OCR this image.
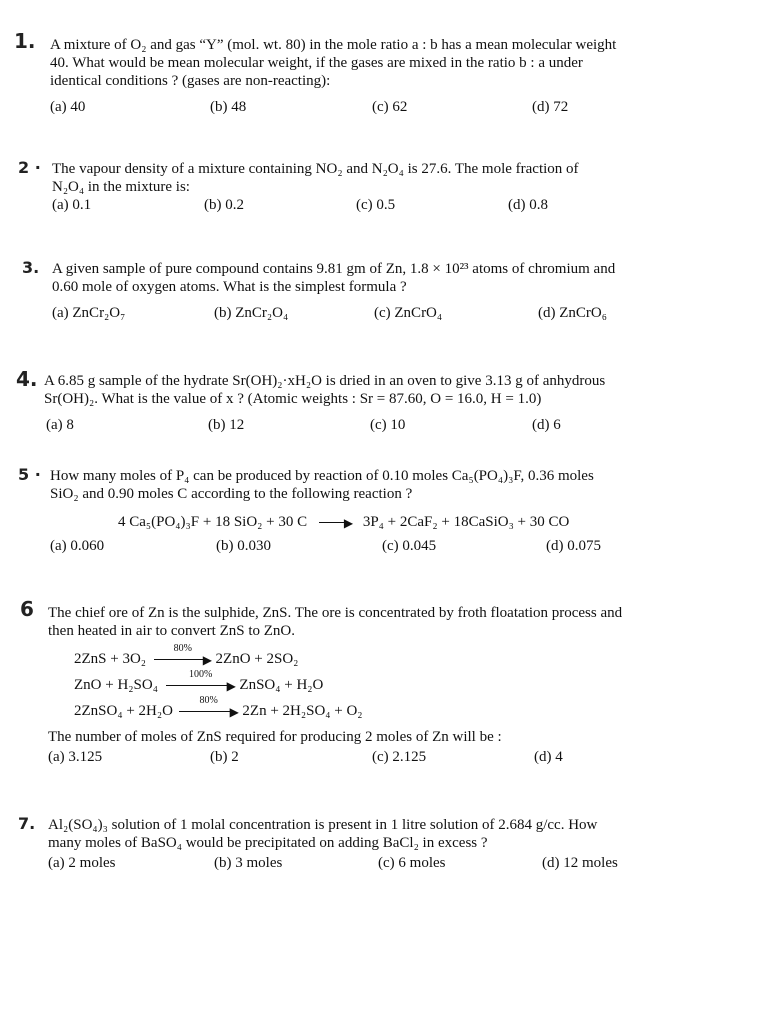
1. A mixture of O₂ and gas “Y” (mol. wt. 80) in the mole ratio a : b has a mean molecular weight
40. What would be mean molecular weight, if the gases are mixed in the ratio b : a under
identical conditions ? (gases are non-reacting):
(a) 40	(b) 48	(c) 62	(d) 72
2 · The vapour density of a mixture containing NO₂ and N₂O₄ is 27.6. The mole fraction of
N₂O₄ in the mixture is:
(a) 0.1	(b) 0.2	(c) 0.5	(d) 0.8
3. A given sample of pure compound contains 9.81 gm of Zn, 1.8 × 10²³ atoms of chromium and
0.60 mole of oxygen atoms. What is the simplest formula ?
(a) ZnCr₂O₇	(b) ZnCr₂O₄	(c) ZnCrO₄	(d) ZnCrO₆
4. A 6.85 g sample of the hydrate Sr(OH)₂·xH₂O is dried in an oven to give 3.13 g of anhydrous
Sr(OH)₂. What is the value of x ? (Atomic weights : Sr = 87.60, O = 16.0, H = 1.0)
(a) 8	(b) 12	(c) 10	(d) 6
5 · How many moles of P₄ can be produced by reaction of 0.10 moles Ca₅(PO₄)₃F, 0.36 moles
SiO₂ and 0.90 moles C according to the following reaction ?
4 Ca₅(PO₄)₃F + 18 SiO₂ + 30 C	▶ 3P₄ + 2CaF₂ + 18CaSiO₃ + 30 CO
(a) 0.060	(b) 0.030	(c) 0.045	(d) 0.075
6 The chief ore of Zn is the sulphide, ZnS. The ore is concentrated by froth floatation process and
then heated in air to convert ZnS to ZnO.
2ZnS + 3O₂
80%
▶ 2ZnO + 2SO₂
ZnO + H₂SO₄
100%
▶ ZnSO₄ + H₂O
2ZnSO₄ + 2H₂O
80%
▶ 2Zn + 2H₂SO₄ + O₂
The number of moles of ZnS required for producing 2 moles of Zn will be :
(a) 3.125	(b) 2	(c) 2.125	(d) 4
7. Al₂(SO₄)₃ solution of 1 molal concentration is present in 1 litre solution of 2.684 g/cc. How
many moles of BaSO₄ would be precipitated on adding BaCl₂ in excess ?
(a) 2 moles	(b) 3 moles	(c) 6 moles	(d) 12 moles
